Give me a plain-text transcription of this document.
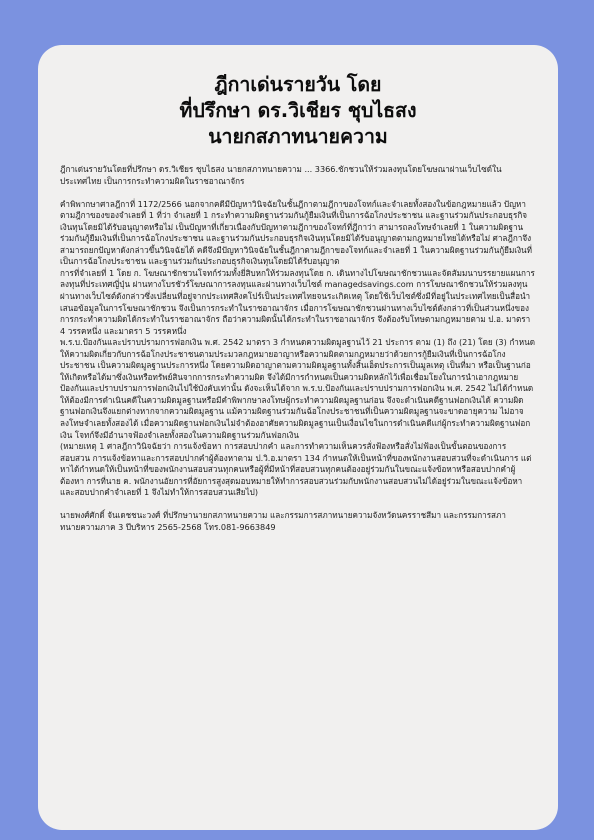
ฎีกาเด่นรายวัน โดย
ที่ปรึกษา ดร.วิเชียร ชุบไธสง
นายกสภาทนายความ

ฎีกาเด่นรายวันโดยที่ปรึกษา ดร.วิเชียร ชุบไธสง นายกสภาทนายความ ... 3366.ชักชวนให้ร่วมลงทุนโดยโฆษณาผ่านเว็บไซด์ในประเทศไทย เป็นการกระทำความผิดในราชอาณาจักร

คำพิพากษาศาลฎีกาที่ 1172/2566 นอกจากคดีมีปัญหาวินิจฉัยในชั้นฎีกาตามฎีกาของโจทก์และจำเลยทั้งสองในข้อกฎหมายแล้ว ปัญหาตามฎีกาของของจำเลยที่ 1 ที่ว่า จำเลยที่ 1 กระทำความผิดฐานร่วมกันกู้ยืมเงินที่เป็นการฉ้อโกงประชาชน และฐานร่วมกันประกอบธุรกิจเงินทุนโดยมิได้รับอนุญาตหรือไม่ เป็นปัญหาที่เกี่ยวเนื่องกับปัญหาตามฎีกาของโจทก์ที่ฎีกาว่า สามารถลงโทษจำเลยที่ 1 ในความผิดฐานร่วมกันกู้ยืมเงินที่เป็นการฉ้อโกงประชาชน และฐานร่วมกันประกอบธุรกิจเงินทุนโดยมิได้รับอนุญาตตามกฎหมายไทยได้หรือไม่ ศาลฎีกาจึงสามารถยกปัญหาดังกล่าวขึ้นวินิจฉัยได้ คดีจึงมีปัญหาวินิจฉัยในชั้นฎีกาตามฎีกาของโจทก์และจำเลยที่ 1 ในความผิดฐานร่วมกันกู้ยืมเงินที่เป็นการฉ้อโกงประชาชน และฐานร่วมกันประกอบธุรกิจเงินทุนโดยมิได้รับอนุญาต

การที่จำเลยที่ 1 โดย ก. โฆษณาชักชวนโจทก์ร่วมทั้งยี่สิบหกให้ร่วมลงทุนโดย ก. เดินทางไปโฆษณาชักชวนและจัดสัมมนาบรรยายแผนการลงทุนที่ประเทศญี่ปุ่น ผ่านทางโบรชัวร์โฆษณาการลงทุนและผ่านทางเว็บไซต์ managedsavings.com การโฆษณาชักชวนให้ร่วมลงทุนผ่านทางเว็บไซต์ดังกล่าวซึ่งเปลี่ยนที่อยู่จากประเทศสิงคโปร์เป็นประเทศไทยจนระเกิดเหตุ โดยใช้เว็บไซต์ซึ่งมีที่อยู่ในประเทศไทยเป็นสื่อนำเสนอข้อมูลในการโฆษณาชักชวน จึงเป็นการกระทำในราชอาณาจักร เมื่อการโฆษณาชักชวนผ่านทางเว็บไซต์ดังกล่าวที่เป็นส่วนหนึ่งของการกระทำความผิดได้กระทำในราชอาณาจักร ถือว่าความผิดนั้นได้กระทำในราชอาณาจักร จึงต้องรับโทษตามกฎหมายตาม ป.อ. มาตรา 4 วรรคหนึ่ง และมาตรา 5 วรรคหนึ่ง

พ.ร.บ.ป้องกันและปราบปรามการฟอกเงิน พ.ศ. 2542 มาตรา 3 กำหนดความผิดมูลฐานไว้ 21 ประการ ตาม (1) ถึง (21) โดย (3) กำหนดให้ความผิดเกี่ยวกับการฉ้อโกงประชาชนตามประมวลกฎหมายอาญาหรือความผิดตามกฎหมายว่าด้วยการกู้ยืมเงินที่เป็นการฉ้อโกงประชาชน เป็นความผิดมูลฐานประการหนึ่ง โดยความผิดอาญาตามความผิดมูลฐานทั้งสิ้นเอ็ดประการเป็นมูลเหตุ เป็นที่มา หรือเป็นฐานก่อให้เกิดหรือได้มาซึ่งเงินหรือทรัพย์สินจากการกระทำความผิด จึงได้มีการกำหนดเป็นความผิดหลักไว้เพื่อเชื่อมโยงในการนำเอากฎหมายป้องกันและปราบปรามการฟอกเงินไปใช้บังคับเท่านั้น ดังจะเห็นได้จาก พ.ร.บ.ป้องกันและปราบปรามการฟอกเงิน พ.ศ. 2542 ไม่ได้กำหนดให้ต้องมีการดำเนินคดีในความผิดมูลฐานหรือมีคำพิพากษาลงโทษผู้กระทำความผิดมูลฐานก่อน จึงจะดำเนินคดีฐานฟอกเงินได้ ความผิดฐานฟอกเงินจึงแยกต่างหากจากความผิดมูลฐาน แม้ความผิดฐานร่วมกันฉ้อโกงประชาชนที่เป็นความผิดมูลฐานจะขาดอายุความ ไม่อาจลงโทษจำเลยทั้งสองได้ เมื่อความผิดฐานฟอกเงินไม่จำต้องอาศัยความผิดมูลฐานเป็นเงื่อนไขในการดำเนินคดีแก่ผู้กระทำความผิดฐานฟอกเงิน โจทก์จึงมีอำนาจฟ้องจำเลยทั้งสองในความผิดฐานร่วมกันฟอกเงิน

(หมายเหตุ 1 ศาลฎีกาวินิจฉัยว่า การแจ้งข้อหา การสอบปากคำ และการทำความเห็นควรสั่งฟ้องหรือสั่งไม่ฟ้องเป็นขั้นตอนของการสอบสวน การแจ้งข้อหาและการสอบปากคำผู้ต้องหาตาม ป.วิ.อ.มาตรา 134 กำหนดให้เป็นหน้าที่ของพนักงานสอบสวนที่จะดำเนินการ แต่หาได้กำหนดให้เป็นหน้าที่ของพนักงานสอบสวนทุกคนหรือผู้ที่มีหน้าที่สอบสวนทุกคนต้องอยู่ร่วมกันในขณะแจ้งข้อหาหรือสอบปากคำผู้ต้องหา การที่นาย ค. พนักงานอัยการที่อัยการสูงสุดมอบหมายให้ทำการสอบสวนร่วมกับพนักงานสอบสวนไม่ได้อยู่ร่วมในขณะแจ้งข้อหาและสอบปากคำจำเลยที่ 1 จึงไม่ทำให้การสอบสวนเสียไป)

นายพงศ์ศักดิ์ จันเดชชนะวงศ์ ที่ปรึกษานายกสภาทนายความ และกรรมการสภาทนายความจังหวัดนครราชสีมา และกรรมการสภาทนายความภาค 3 ปีบริหาร 2565-2568 โทร.081-9663849
